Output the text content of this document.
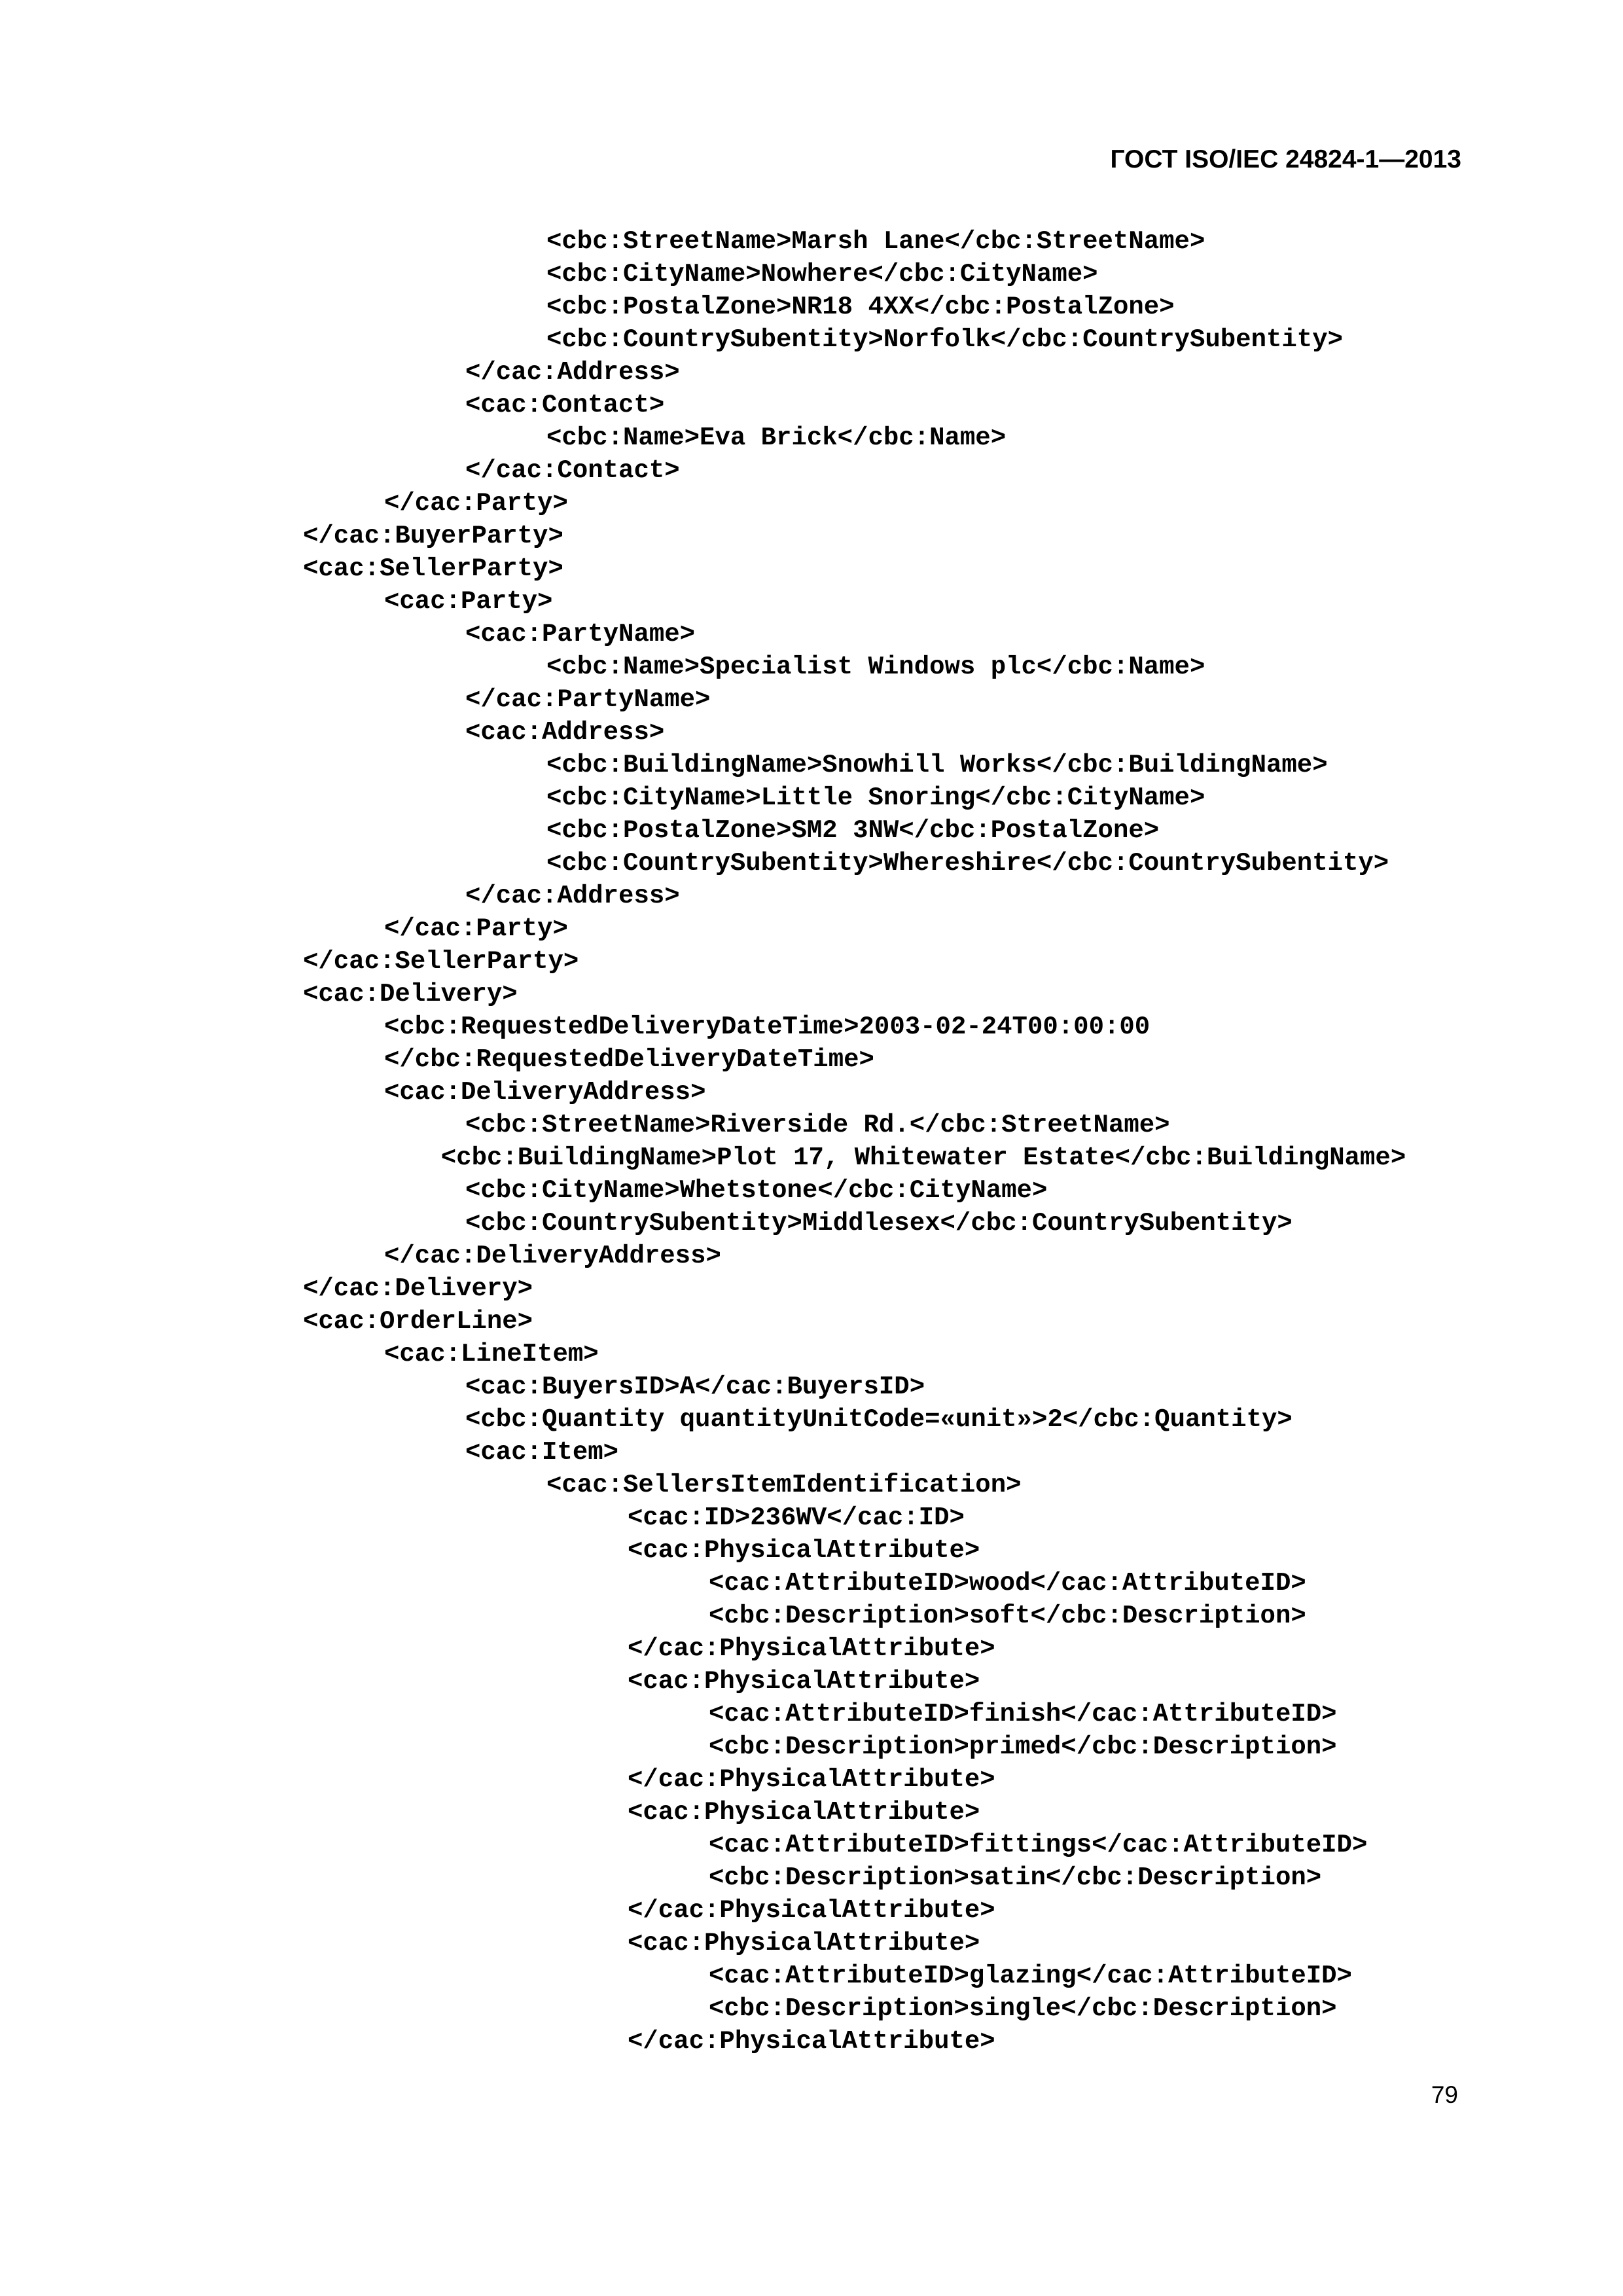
ГОСТ ISO/IEC 24824-1—2013
<cbc:StreetName>Marsh Lane</cbc:StreetName>
<cbc:CityName>Nowhere</cbc:CityName>
<cbc:PostalZone>NR18 4XX</cbc:PostalZone>
<cbc:CountrySubentity>Norfolk</cbc:CountrySubentity>
</cac:Address>
<cac:Contact>
<cbc:Name>Eva Brick</cbc:Name>
</cac:Contact>
</cac:Party>
</cac:BuyerParty>
<cac:SellerParty>
<cac:Party>
<cac:PartyName>
<cbc:Name>Specialist Windows plc</cbc:Name>
</cac:PartyName>
<cac:Address>
<cbc:BuildingName>Snowhill Works</cbc:BuildingName>
<cbc:CityName>Little Snoring</cbc:CityName>
<cbc:PostalZone>SM2 3NW</cbc:PostalZone>
<cbc:CountrySubentity>Whereshire</cbc:CountrySubentity>
</cac:Address>
</cac:Party>
</cac:SellerParty>
<cac:Delivery>
<cbc:RequestedDeliveryDateTime>2003-02-24T00:00:00
</cbc:RequestedDeliveryDateTime>
<cac:DeliveryAddress>
<cbc:StreetName>Riverside Rd.</cbc:StreetName>
<cbc:BuildingName>Plot 17, Whitewater Estate</cbc:BuildingName>
<cbc:CityName>Whetstone</cbc:CityName>
<cbc:CountrySubentity>Middlesex</cbc:CountrySubentity>
</cac:DeliveryAddress>
</cac:Delivery>
<cac:OrderLine>
<cac:LineItem>
<cac:BuyersID>A</cac:BuyersID>
<cbc:Quantity quantityUnitCode=«unit»>2</cbc:Quantity>
<cac:Item>
<cac:SellersItemIdentification>
<cac:ID>236WV</cac:ID>
<cac:PhysicalAttribute>
<cac:AttributeID>wood</cac:AttributeID>
<cbc:Description>soft</cbc:Description>
</cac:PhysicalAttribute>
<cac:PhysicalAttribute>
<cac:AttributeID>finish</cac:AttributeID>
<cbc:Description>primed</cbc:Description>
</cac:PhysicalAttribute>
<cac:PhysicalAttribute>
<cac:AttributeID>fittings</cac:AttributeID>
<cbc:Description>satin</cbc:Description>
</cac:PhysicalAttribute>
<cac:PhysicalAttribute>
<cac:AttributeID>glazing</cac:AttributeID>
<cbc:Description>single</cbc:Description>
</cac:PhysicalAttribute>
79
